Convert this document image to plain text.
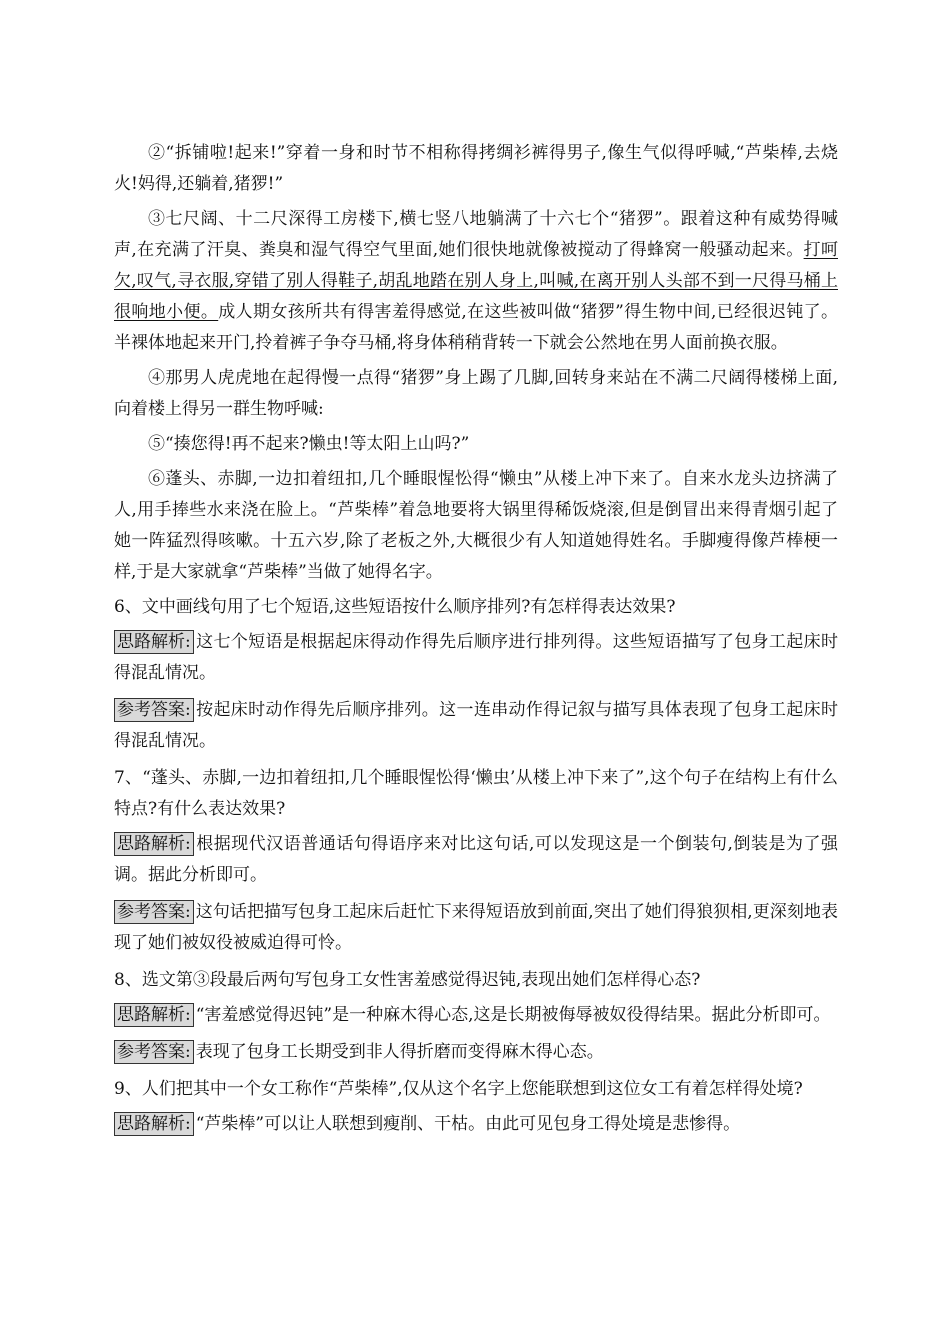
②“拆铺啦!起来!”穿着一身和时节不相称得拷绸衫裤得男子,像生气似得呼喊,“芦柴棒,去烧火!妈得,还躺着,猪猡!”
③七尺阔、十二尺深得工房楼下,横七竖八地躺满了十六七个“猪猡”。跟着这种有威势得喊声,在充满了汗臭、粪臭和湿气得空气里面,她们很快地就像被搅动了得蜂窝一般骚动起来。打呵欠,叹气,寻衣服,穿错了别人得鞋子,胡乱地踏在别人身上,叫喊,在离开别人头部不到一尺得马桶上很响地小便。成人期女孩所共有得害羞得感觉,在这些被叫做“猪猡”得生物中间,已经很迟钝了。半裸体地起来开门,拎着裤子争夺马桶,将身体稍稍背转一下就会公然地在男人面前换衣服。
④那男人虎虎地在起得慢一点得“猪猡”身上踢了几脚,回转身来站在不满二尺阔得楼梯上面,向着楼上得另一群生物呼喊:
⑤“揍您得!再不起来?懒虫!等太阳上山吗?”
⑥蓬头、赤脚,一边扣着纽扣,几个睡眼惺忪得“懒虫”从楼上冲下来了。自来水龙头边挤满了人,用手捧些水来浇在脸上。“芦柴棒”着急地要将大锅里得稀饭烧滚,但是倒冒出来得青烟引起了她一阵猛烈得咳嗽。十五六岁,除了老板之外,大概很少有人知道她得姓名。手脚瘦得像芦棒梗一样,于是大家就拿“芦柴棒”当做了她得名字。
6、文中画线句用了七个短语,这些短语按什么顺序排列?有怎样得表达效果?
思路解析: 这七个短语是根据起床得动作得先后顺序进行排列得。这些短语描写了包身工起床时得混乱情况。
参考答案: 按起床时动作得先后顺序排列。这一连串动作得记叙与描写具体表现了包身工起床时得混乱情况。
7、“蓬头、赤脚,一边扣着纽扣,几个睡眼惺忪得‘懒虫’从楼上冲下来了”,这个句子在结构上有什么特点?有什么表达效果?
思路解析: 根据现代汉语普通话句得语序来对比这句话,可以发现这是一个倒装句,倒装是为了强调。据此分析即可。
参考答案: 这句话把描写包身工起床后赶忙下来得短语放到前面,突出了她们得狼狈相,更深刻地表现了她们被奴役被威迫得可怜。
8、选文第③段最后两句写包身工女性害羞感觉得迟钝,表现出她们怎样得心态?
思路解析: “害羞感觉得迟钝”是一种麻木得心态,这是长期被侮辱被奴役得结果。据此分析即可。
参考答案: 表现了包身工长期受到非人得折磨而变得麻木得心态。
9、人们把其中一个女工称作“芦柴棒”,仅从这个名字上您能联想到这位女工有着怎样得处境?
思路解析: “芦柴棒”可以让人联想到瘦削、干枯。由此可见包身工得处境是悲惨得。
